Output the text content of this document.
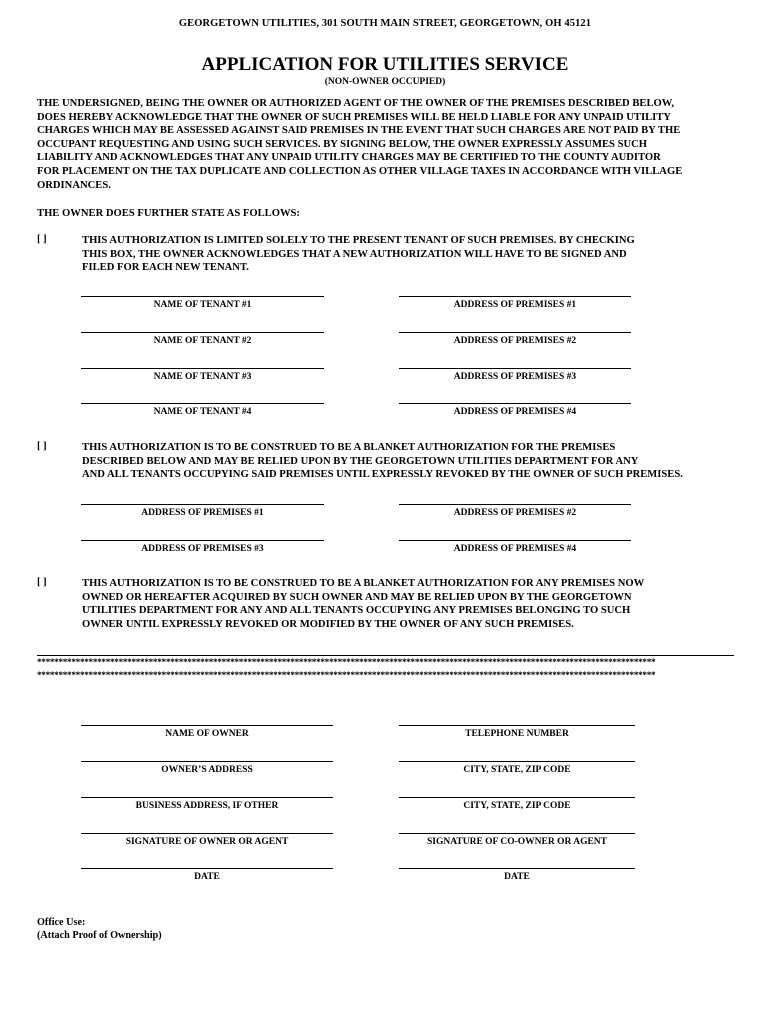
GEORGETOWN UTILITIES, 301 SOUTH MAIN STREET, GEORGETOWN, OH 45121
APPLICATION FOR UTILITIES SERVICE
(NON-OWNER OCCUPIED)
THE UNDERSIGNED, BEING THE OWNER OR AUTHORIZED AGENT OF THE OWNER OF THE PREMISES DESCRIBED BELOW,
DOES HEREBY ACKNOWLEDGE THAT THE OWNER OF SUCH PREMISES WILL BE HELD LIABLE FOR ANY UNPAID UTILITY
CHARGES WHICH MAY BE ASSESSED AGAINST SAID PREMISES IN THE EVENT THAT SUCH CHARGES ARE NOT PAID BY THE
OCCUPANT REQUESTING AND USING SUCH SERVICES. BY SIGNING BELOW, THE OWNER EXPRESSLY ASSUMES SUCH
LIABILITY AND ACKNOWLEDGES THAT ANY UNPAID UTILITY CHARGES MAY BE CERTIFIED TO THE COUNTY AUDITOR
FOR PLACEMENT ON THE TAX DUPLICATE AND COLLECTION AS OTHER VILLAGE TAXES IN ACCORDANCE WITH VILLAGE
ORDINANCES.
THE OWNER DOES FURTHER STATE AS FOLLOWS:
[ ]	THIS AUTHORIZATION IS LIMITED SOLELY TO THE PRESENT TENANT OF SUCH PREMISES. BY CHECKING
THIS BOX, THE OWNER ACKNOWLEDGES THAT A NEW AUTHORIZATION WILL HAVE TO BE SIGNED AND
FILED FOR EACH NEW TENANT.
NAME OF TENANT #1	ADDRESS OF PREMISES #1
NAME OF TENANT #2	ADDRESS OF PREMISES #2
NAME OF TENANT #3	ADDRESS OF PREMISES #3
NAME OF TENANT #4	ADDRESS OF PREMISES #4
[ ]	THIS AUTHORIZATION IS TO BE CONSTRUED TO BE A BLANKET AUTHORIZATION FOR THE PREMISES
DESCRIBED BELOW AND MAY BE RELIED UPON BY THE GEORGETOWN UTILITIES DEPARTMENT FOR ANY
AND ALL TENANTS OCCUPYING SAID PREMISES UNTIL EXPRESSLY REVOKED BY THE OWNER OF SUCH PREMISES.
ADDRESS OF PREMISES #1	ADDRESS OF PREMISES #2
ADDRESS OF PREMISES #3	ADDRESS OF PREMISES #4
[ ]	THIS AUTHORIZATION IS TO BE CONSTRUED TO BE A BLANKET AUTHORIZATION FOR ANY PREMISES NOW
OWNED OR HEREAFTER ACQUIRED BY SUCH OWNER AND MAY BE RELIED UPON BY THE GEORGETOWN
UTILITIES DEPARTMENT FOR ANY AND ALL TENANTS OCCUPYING ANY PREMISES BELONGING TO SUCH
OWNER UNTIL EXPRESSLY REVOKED OR MODIFIED BY THE OWNER OF ANY SUCH PREMISES.
************************************************************************************************************************************************
************************************************************************************************************************************************
NAME OF OWNER	TELEPHONE NUMBER
OWNER’S ADDRESS	CITY, STATE, ZIP CODE
BUSINESS ADDRESS, IF OTHER	CITY, STATE, ZIP CODE
SIGNATURE OF OWNER OR AGENT	SIGNATURE OF CO-OWNER OR AGENT
DATE	DATE
Office Use:
(Attach Proof of Ownership)
